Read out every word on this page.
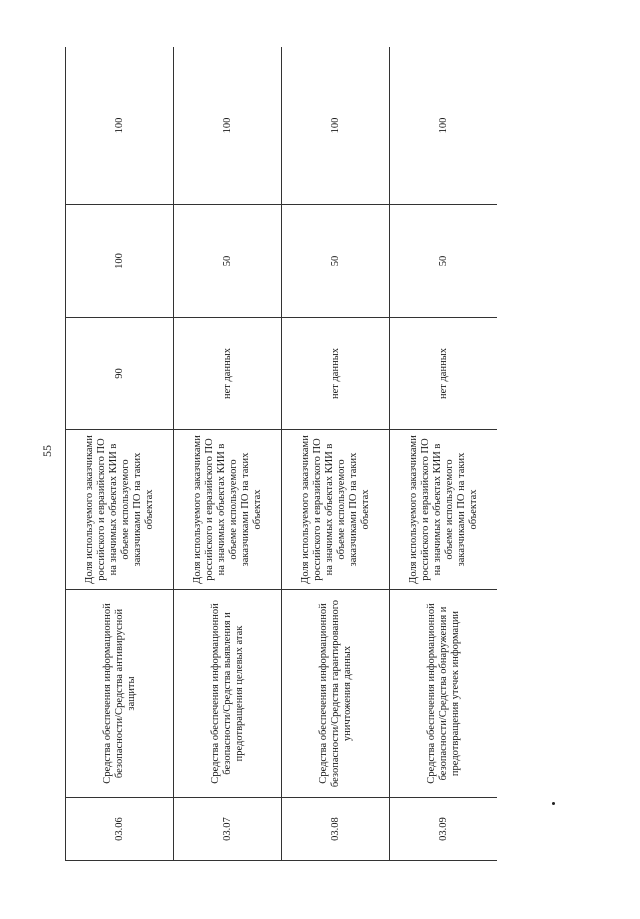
55
03.06	Средства обеспечения информационной безопасности/Средства антивирусной защиты	Доля используемого заказчиками российского и евразийского ПО на значимых объектах КИИ в объеме используемого заказчиками ПО на таких объектах	90	100	100
03.07	Средства обеспечения информационной безопасности/Средства выявления и предотвращения целевых атак	Доля используемого заказчиками российского и евразийского ПО на значимых объектах КИИ в объеме используемого заказчиками ПО на таких объектах	нет данных	50	100
03.08	Средства обеспечения информационной безопасности/Средства гарантированного уничтожения данных	Доля используемого заказчиками российского и евразийского ПО на значимых объектах КИИ в объеме используемого заказчиками ПО на таких объектах	нет данных	50	100
03.09	Средства обеспечения информационной безопасности/Средства обнаружения и предотвращения утечек информации	Доля используемого заказчиками российского и евразийского ПО на значимых объектах КИИ в объеме используемого заказчиками ПО на таких объектах	нет данных	50	100
